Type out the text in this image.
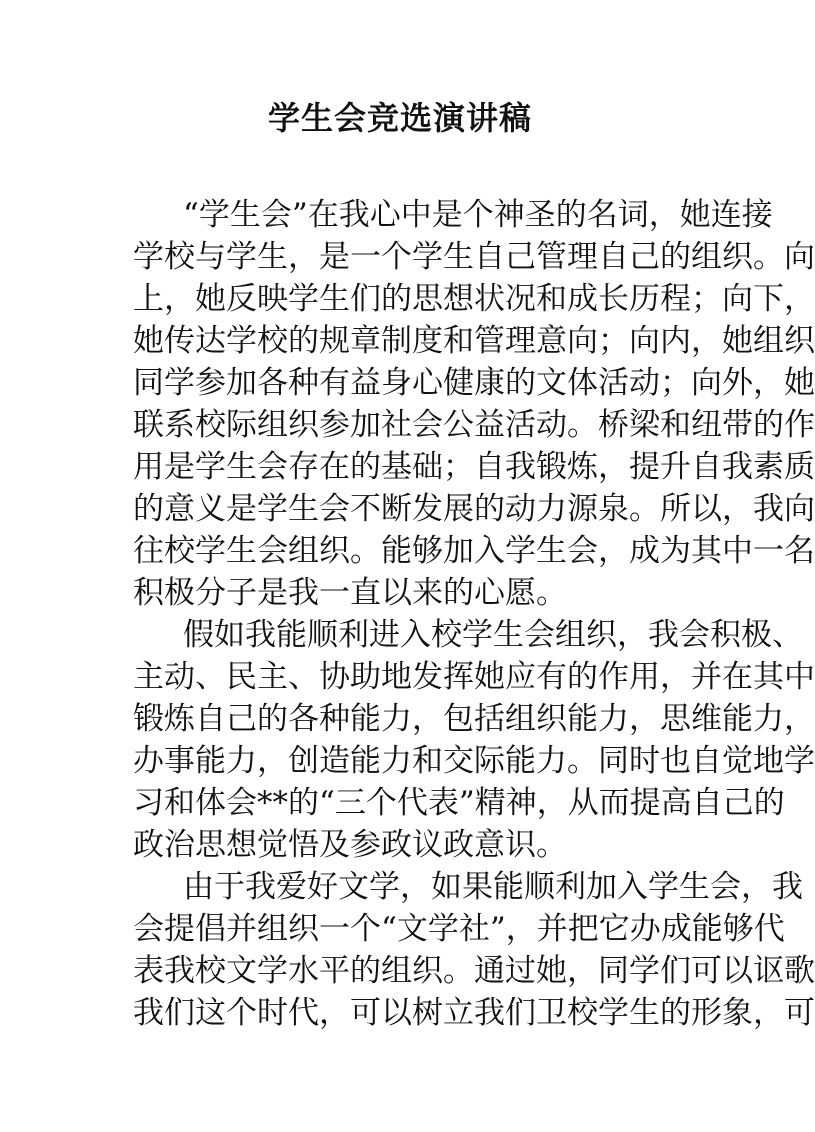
学生会竞选演讲稿
“学生会”在我心中是个神圣的名词，她连接
学校与学生，是一个学生自己管理自己的组织。向
上，她反映学生们的思想状况和成长历程；向下，
她传达学校的规章制度和管理意向；向内，她组织
同学参加各种有益身心健康的文体活动；向外，她
联系校际组织参加社会公益活动。桥梁和纽带的作
用是学生会存在的基础；自我锻炼，提升自我素质
的意义是学生会不断发展的动力源泉。所以，我向
往校学生会组织。能够加入学生会，成为其中一名
积极分子是我一直以来的心愿。
假如我能顺利进入校学生会组织，我会积极、
主动、民主、协助地发挥她应有的作用，并在其中
锻炼自己的各种能力，包括组织能力，思维能力，
办事能力，创造能力和交际能力。同时也自觉地学
习和体会**的“三个代表”精神，从而提高自己的
政治思想觉悟及参政议政意识。
由于我爱好文学，如果能顺利加入学生会，我
会提倡并组织一个“文学社”，并把它办成能够代
表我校文学水平的组织。通过她，同学们可以讴歌
我们这个时代，可以树立我们卫校学生的形象，可
